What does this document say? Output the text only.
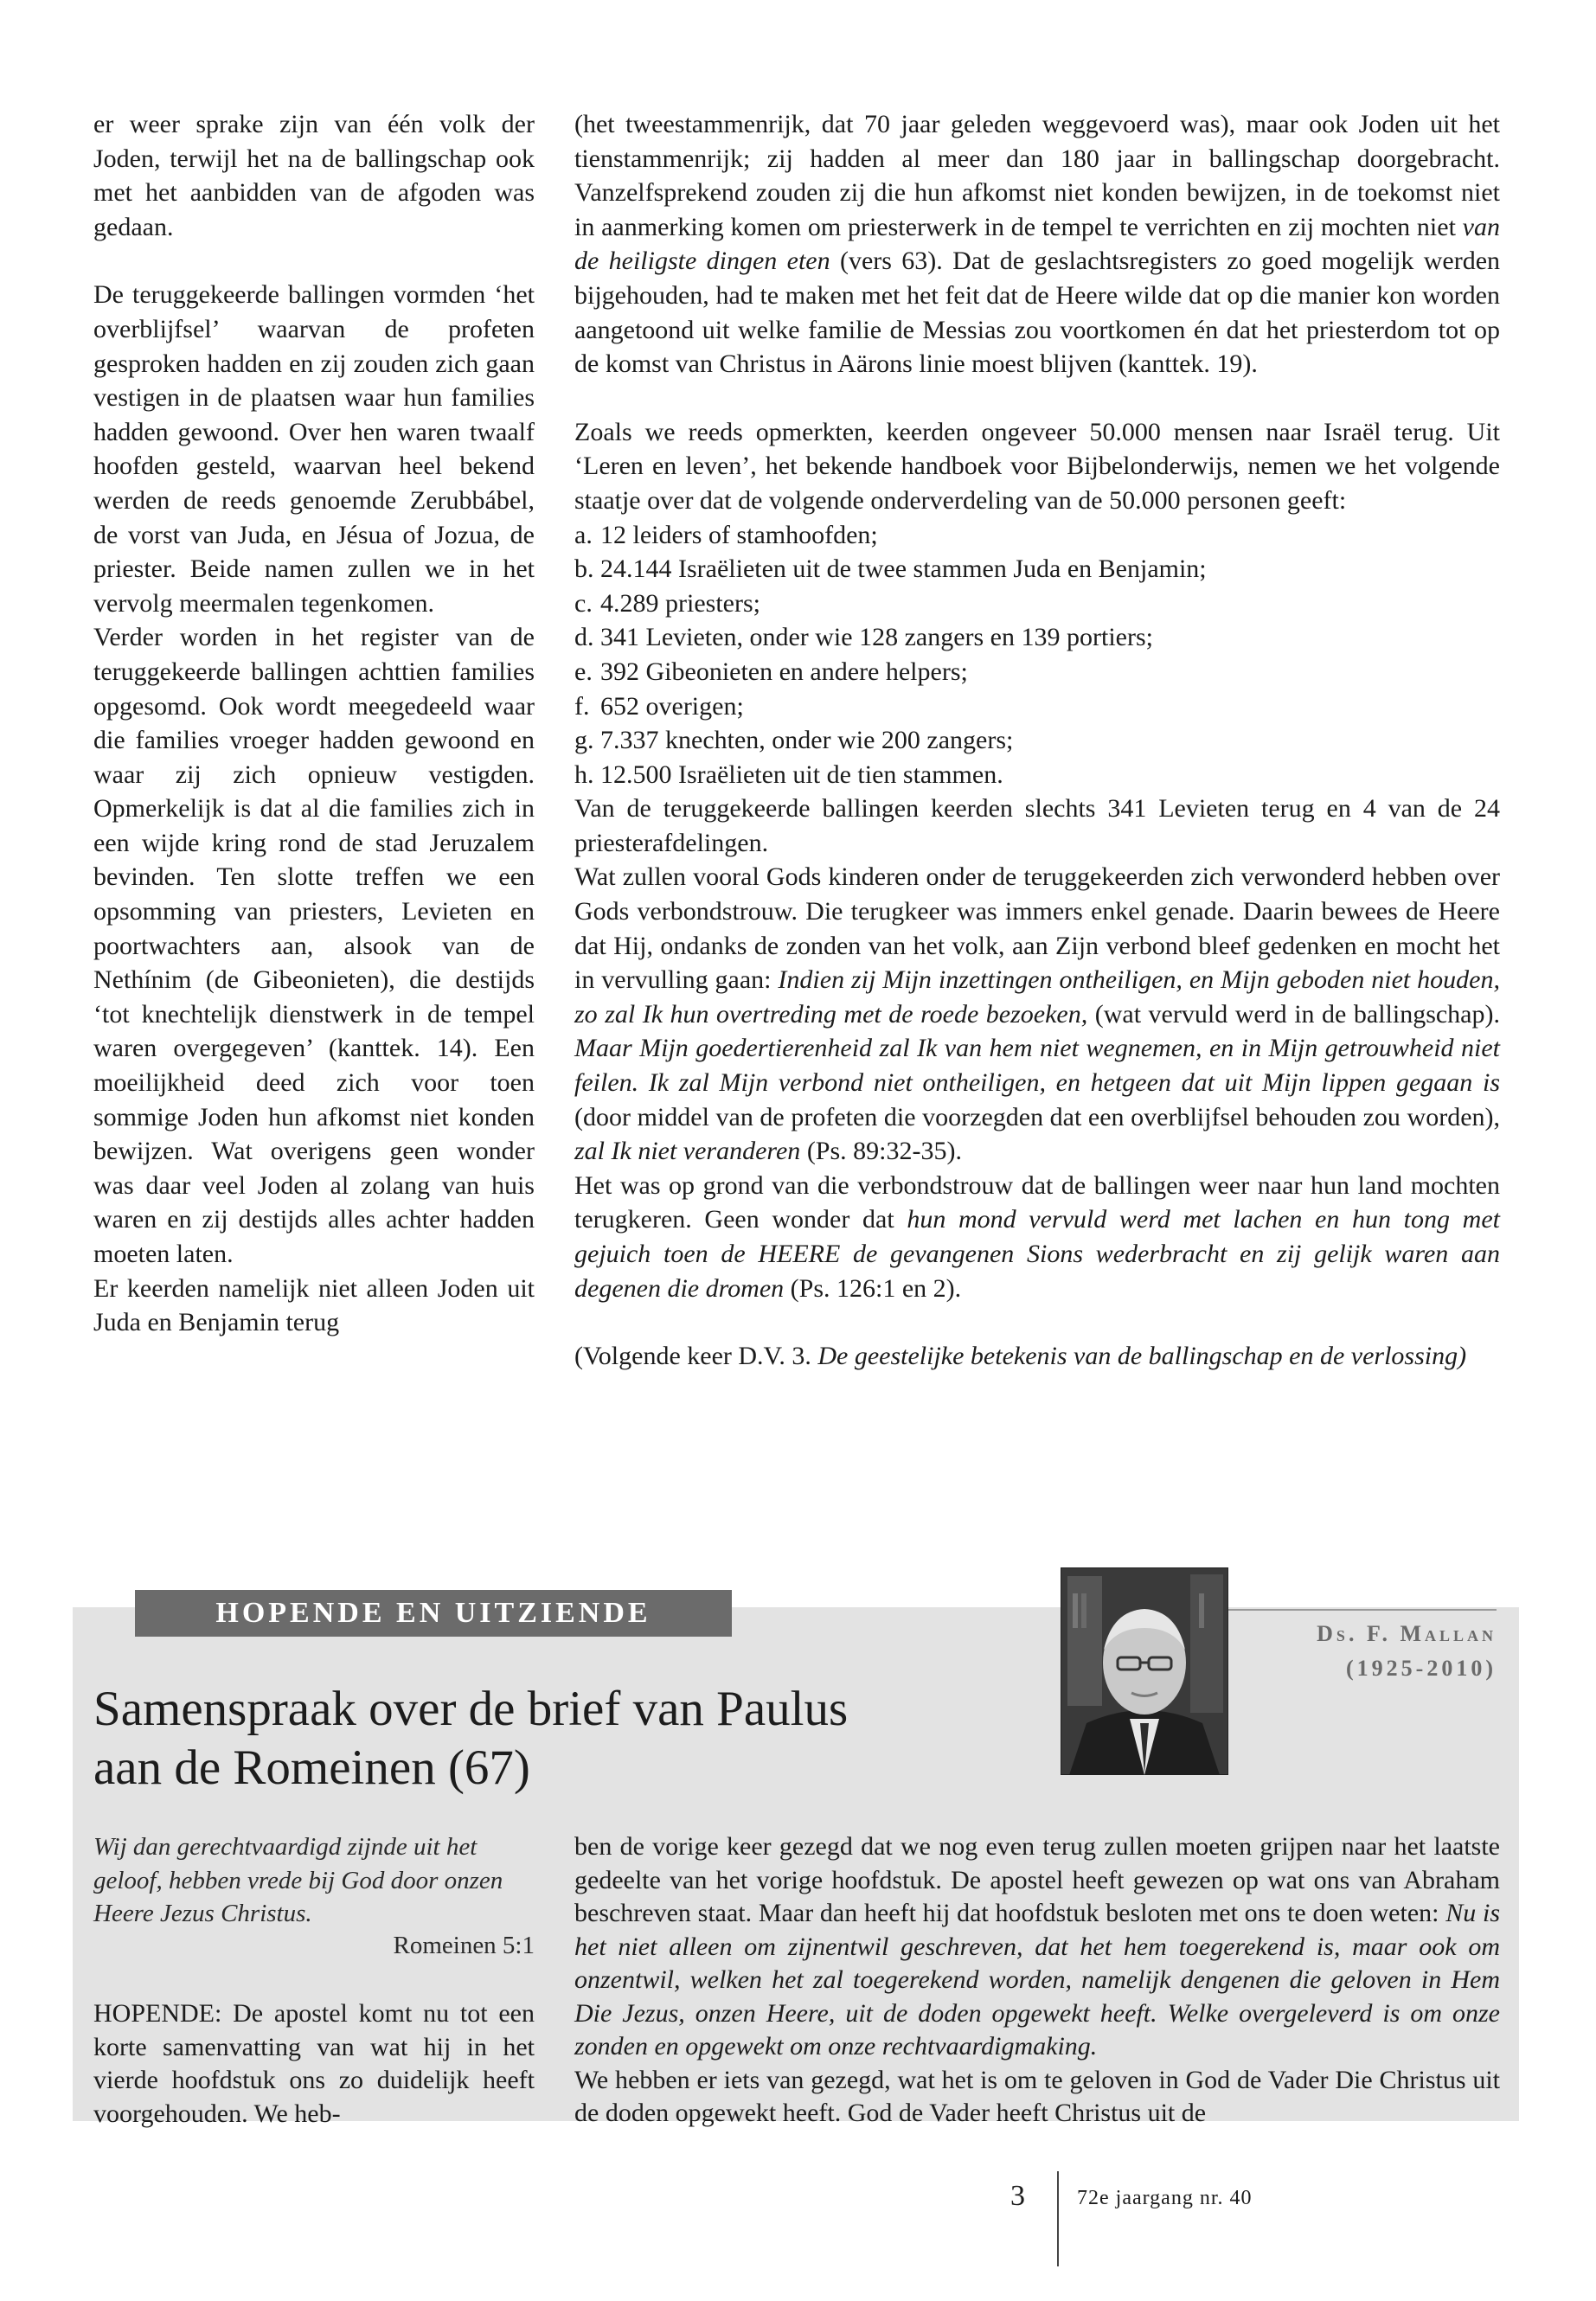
er weer sprake zijn van één volk der Joden, terwijl het na de ballingschap ook met het aanbidden van de afgoden was gedaan.

De teruggekeerde ballingen vormden ‘het overblijfsel’ waarvan de profeten gesproken hadden en zij zouden zich gaan vestigen in de plaatsen waar hun families hadden gewoond. Over hen waren twaalf hoofden gesteld, waarvan heel bekend werden de reeds genoemde Zerubbábel, de vorst van Juda, en Jésua of Jozua, de priester. Beide namen zullen we in het vervolg meermalen tegenkomen.

Verder worden in het register van de teruggekeerde ballingen achttien families opgesomd. Ook wordt meegedeeld waar die families vroeger hadden gewoond en waar zij zich opnieuw vestigden. Opmerkelijk is dat al die families zich in een wijde kring rond de stad Jeruzalem bevinden. Ten slotte treffen we een opsomming van priesters, Levieten en poortwachters aan, alsook van de Nethínim (de Gibeonieten), die destijds ‘tot knechtelijk dienstwerk in de tempel waren overgegeven’ (kanttek. 14). Een moeilijkheid deed zich voor toen sommige Joden hun afkomst niet konden bewijzen. Wat overigens geen wonder was daar veel Joden al zolang van huis waren en zij destijds alles achter hadden moeten laten.

Er keerden namelijk niet alleen Joden uit Juda en Benjamin terug

(het tweestammenrijk, dat 70 jaar geleden weggevoerd was), maar ook Joden uit het tienstammenrijk; zij hadden al meer dan 180 jaar in ballingschap doorgebracht. Vanzelfsprekend zouden zij die hun afkomst niet konden bewijzen, in de toekomst niet in aanmerking komen om priesterwerk in de tempel te verrichten en zij mochten niet van de heiligste dingen eten (vers 63). Dat de geslachtsregisters zo goed mogelijk werden bijgehouden, had te maken met het feit dat de Heere wilde dat op die manier kon worden aangetoond uit welke familie de Messias zou voortkomen én dat het priesterdom tot op de komst van Christus in Aärons linie moest blijven (kanttek. 19).

Zoals we reeds opmerkten, keerden ongeveer 50.000 mensen naar Israël terug. Uit ‘Leren en leven’, het bekende handboek voor Bijbelonderwijs, nemen we het volgende staatje over dat de volgende onderverdeling van de 50.000 personen geeft:

a. 12 leiders of stamhoofden;
b. 24.144 Israëlieten uit de twee stammen Juda en Benjamin;
c. 4.289 priesters;
d. 341 Levieten, onder wie 128 zangers en 139 portiers;
e. 392 Gibeonieten en andere helpers;
f. 652 overigen;
g. 7.337 knechten, onder wie 200 zangers;
h. 12.500 Israëlieten uit de tien stammen.

Van de teruggekeerde ballingen keerden slechts 341 Levieten terug en 4 van de 24 priesterafdelingen.

Wat zullen vooral Gods kinderen onder de teruggekeerden zich verwonderd hebben over Gods verbondstrouw. Die terugkeer was immers enkel genade. Daarin bewees de Heere dat Hij, ondanks de zonden van het volk, aan Zijn verbond bleef gedenken en mocht het in vervulling gaan: Indien zij Mijn inzettingen ontheiligen, en Mijn geboden niet houden, zo zal Ik hun overtreding met de roede bezoeken, (wat vervuld werd in de ballingschap). Maar Mijn goedertierenheid zal Ik van hem niet wegnemen, en in Mijn getrouwheid niet feilen. Ik zal Mijn verbond niet ontheiligen, en hetgeen dat uit Mijn lippen gegaan is (door middel van de profeten die voorzegden dat een overblijfsel behouden zou worden), zal Ik niet veranderen (Ps. 89:32-35).

Het was op grond van die verbondstrouw dat de ballingen weer naar hun land mochten terugkeren. Geen wonder dat hun mond vervuld werd met lachen en hun tong met gejuich toen de HEERE de gevangenen Sions wederbracht en zij gelijk waren aan degenen die dromen (Ps. 126:1 en 2).

(Volgende keer D.V. 3. De geestelijke betekenis van de ballingschap en de verlossing)

HOPENDE EN UITZIENDE
Ds. F. Mallan
(1925-2010)
Samenspraak over de brief van Paulus
aan de Romeinen (67)
Wij dan gerechtvaardigd zijnde uit het geloof, hebben vrede bij God door onzen Heere Jezus Christus.
Romeinen 5:1
HOPENDE: De apostel komt nu tot een korte samenvatting van wat hij in het vierde hoofdstuk ons zo duidelijk heeft voorgehouden. We heb-

ben de vorige keer gezegd dat we nog even terug zullen moeten grijpen naar het laatste gedeelte van het vorige hoofdstuk. De apostel heeft gewezen op wat ons van Abraham beschreven staat. Maar dan heeft hij dat hoofdstuk besloten met ons te doen weten: Nu is het niet alleen om zijnentwil geschreven, dat het hem toegerekend is, maar ook om onzentwil, welken het zal toegerekend worden, namelijk dengenen die geloven in Hem Die Jezus, onzen Heere, uit de doden opgewekt heeft. Welke overgeleverd is om onze zonden en opgewekt om onze rechtvaardigmaking.

We hebben er iets van gezegd, wat het is om te geloven in God de Vader Die Christus uit de doden opgewekt heeft. God de Vader heeft Christus uit de

3	72e jaargang nr. 40
